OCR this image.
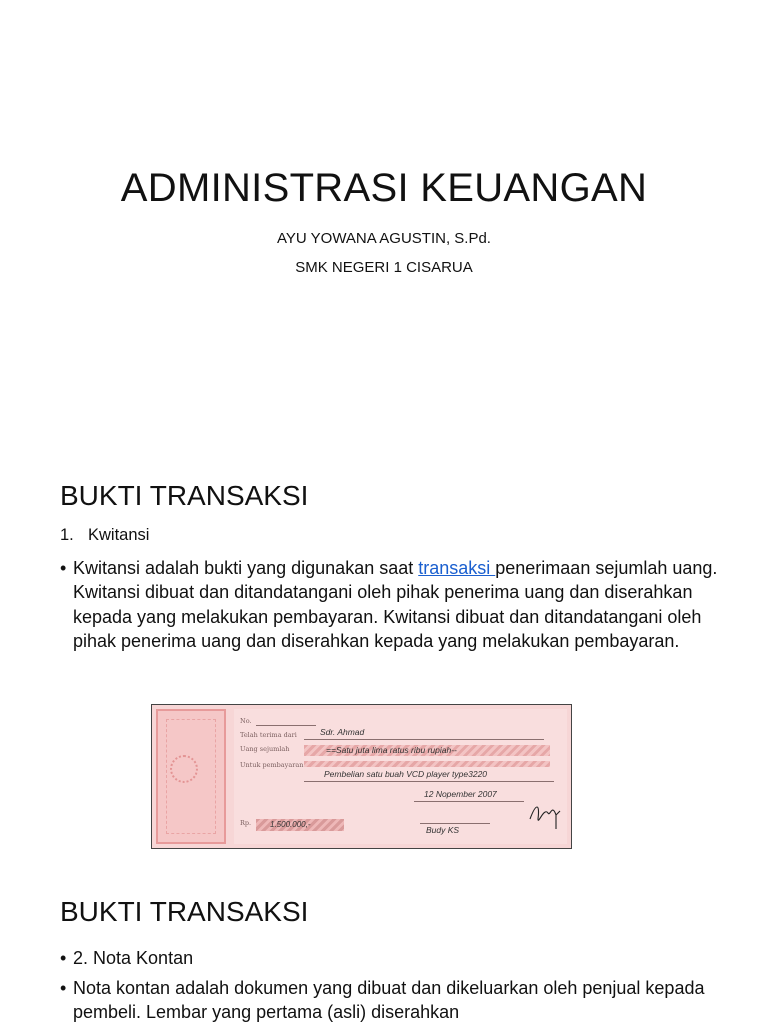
ADMINISTRASI KEUANGAN

AYU YOWANA AGUSTIN, S.Pd.

SMK NEGERI 1 CISARUA

BUKTI TRANSAKSI
1. Kwitansi
• Kwitansi adalah bukti yang digunakan saat transaksi penerimaan sejumlah uang. Kwitansi dibuat dan ditandatangani oleh pihak penerima uang dan diserahkan kepada yang melakukan pembayaran. Kwitansi dibuat dan ditandatangani oleh pihak penerima uang dan diserahkan kepada yang melakukan pembayaran.
No.
Telah terima dari	Sdr. Ahmad
Uang sejumlah	==Satu juta lima ratus ribu rupiah--
Untuk pembayaran
Pembelian satu buah VCD player type3220
12 Nopember 2007
Rp. 1.500.000,-
Budy KS
BUKTI TRANSAKSI
• 2. Nota Kontan
• Nota kontan adalah dokumen yang dibuat dan dikeluarkan oleh penjual kepada pembeli. Lembar yang pertama (asli) diserahkan
